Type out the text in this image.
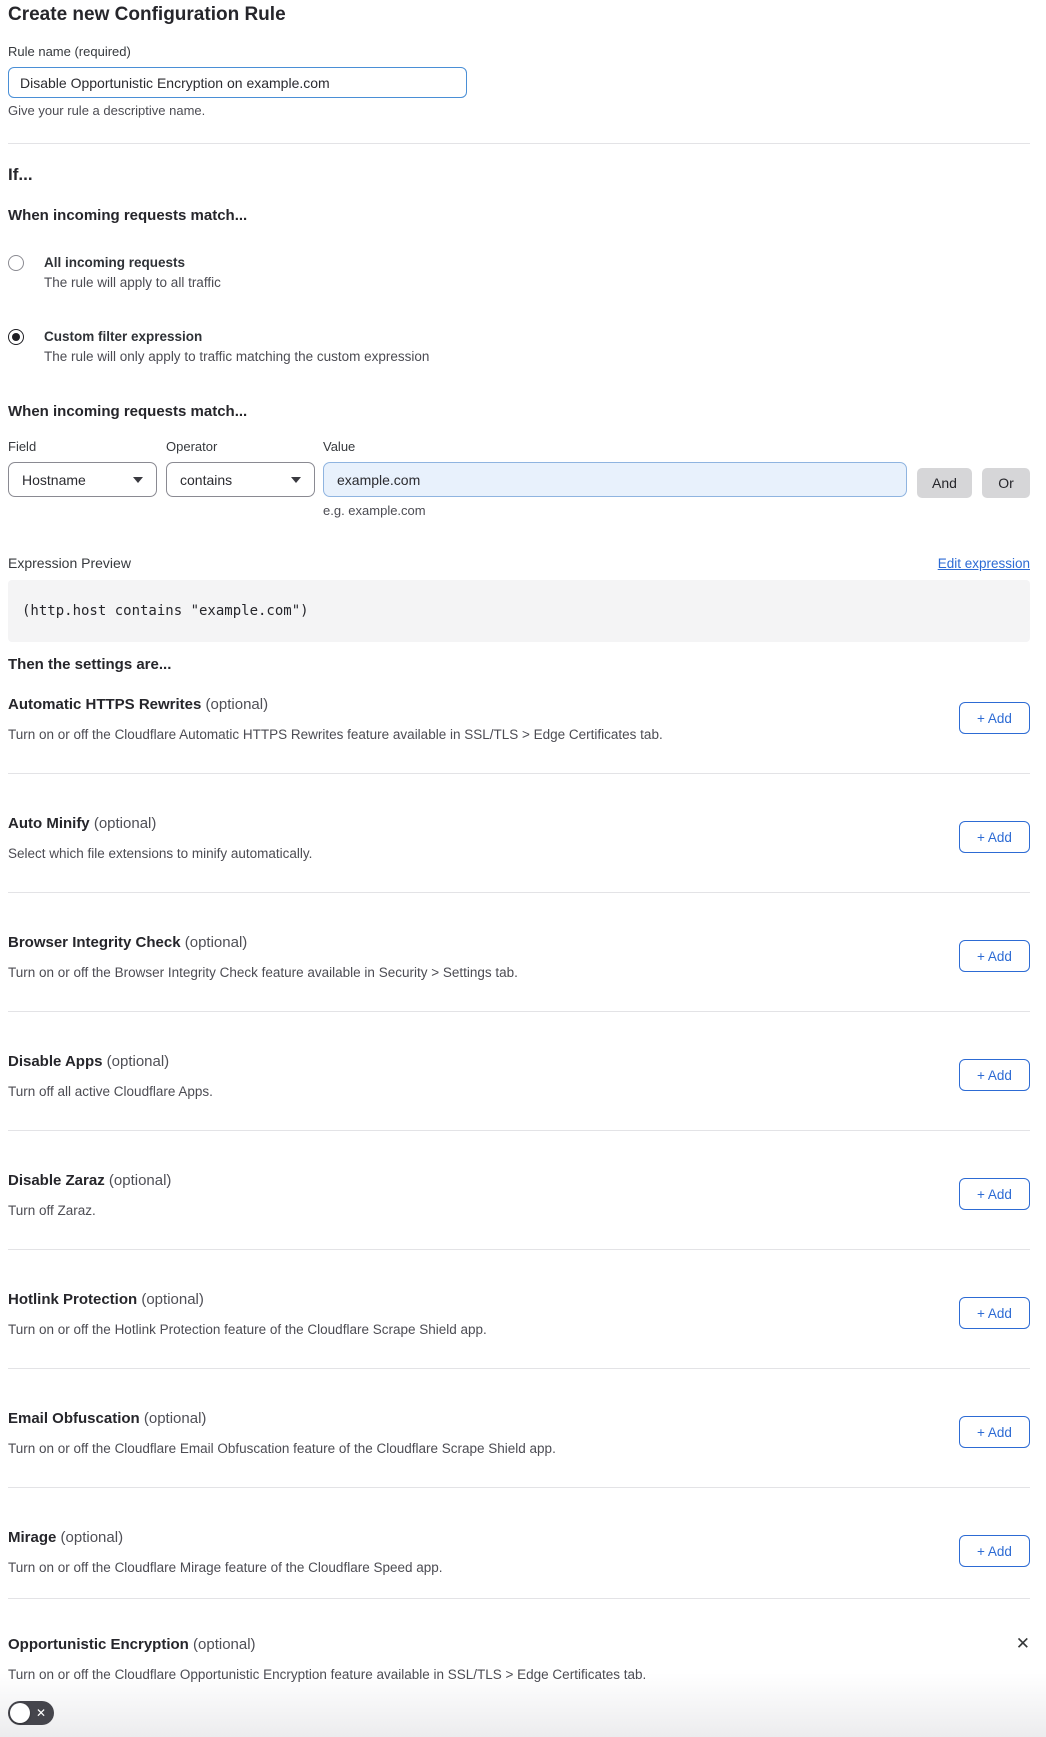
Create new Configuration Rule
Rule name (required)
Disable Opportunistic Encryption on example.com
Give your rule a descriptive name.
If...
When incoming requests match...
All incoming requests
The rule will apply to all traffic
Custom filter expression
The rule will only apply to traffic matching the custom expression
When incoming requests match...
Field
Hostname
Operator
contains
Value
example.com
e.g. example.com
And	Or
Expression Preview	Edit expression
(http.host contains "example.com")
Then the settings are...
Automatic HTTPS Rewrites (optional)

Turn on or off the Cloudflare Automatic HTTPS Rewrites feature available in SSL/TLS > Edge Certificates tab.

+ Add
Auto Minify (optional)

Select which file extensions to minify automatically.

+ Add
Browser Integrity Check (optional)

Turn on or off the Browser Integrity Check feature available in Security > Settings tab.

+ Add
Disable Apps (optional)

Turn off all active Cloudflare Apps.

+ Add
Disable Zaraz (optional)

Turn off Zaraz.

+ Add
Hotlink Protection (optional)

Turn on or off the Hotlink Protection feature of the Cloudflare Scrape Shield app.

+ Add
Email Obfuscation (optional)

Turn on or off the Cloudflare Email Obfuscation feature of the Cloudflare Scrape Shield app.

+ Add
Mirage (optional)

Turn on or off the Cloudflare Mirage feature of the Cloudflare Speed app.

+ Add
Opportunistic Encryption (optional)	✕

Turn on or off the Cloudflare Opportunistic Encryption feature available in SSL/TLS > Edge Certificates tab.

✕
